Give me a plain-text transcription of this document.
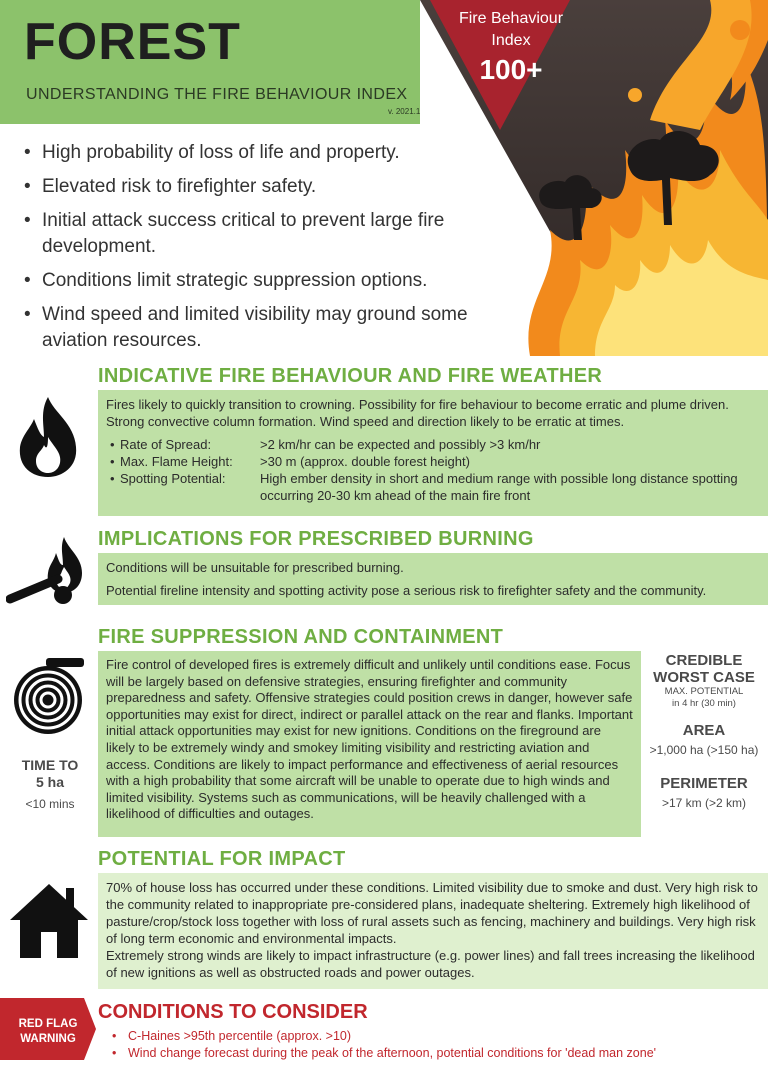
FOREST
UNDERSTANDING THE FIRE BEHAVIOUR INDEX
v. 2021.1
Fire Behaviour
Index
100+
• High probability of loss of life and property.
• Elevated risk to firefighter safety.
• Initial attack success critical to prevent large fire development.
• Conditions limit strategic suppression options.
• Wind speed and limited visibility may ground some aviation resources.
INDICATIVE FIRE BEHAVIOUR AND FIRE WEATHER
Fires likely to quickly transition to crowning. Possibility for fire behaviour to become erratic and plume driven. Strong convective column formation. Wind speed and direction likely to be erratic at times.
• Rate of Spread:	>2 km/hr can be expected and possibly >3 km/hr
• Max. Flame Height:	>30 m (approx. double forest height)
• Spotting Potential:	High ember density in short and medium range with possible long distance spotting occurring 20-30 km ahead of the main fire front
IMPLICATIONS FOR PRESCRIBED BURNING
Conditions will be unsuitable for prescribed burning.
Potential fireline intensity and spotting activity pose a serious risk to firefighter safety and the community.
TIME TO
5 ha
<10 mins
FIRE SUPPRESSION AND CONTAINMENT
Fire control of developed fires is extremely difficult and unlikely until conditions ease. Focus will be largely based on defensive strategies, ensuring firefighter and community preparedness and safety. Offensive strategies could position crews in danger, however safe opportunities may exist for direct, indirect or parallel attack on the rear and flanks. Important initial attack opportunities may exist for new ignitions. Conditions on the fireground are likely to be extremely windy and smokey limiting visibility and restricting aviation and access. Conditions are likely to impact performance and effectiveness of aerial resources with a high probability that some aircraft will be unable to operate due to high winds and limited visibility. Systems such as communications, will be heavily challenged with a likelihood of difficulties and outages.
CREDIBLE
WORST CASE
MAX. POTENTIAL
in 4 hr (30 min)
AREA
>1,000 ha (>150 ha)
PERIMETER
>17 km (>2 km)
POTENTIAL FOR IMPACT
70% of house loss has occurred under these conditions. Limited visibility due to smoke and dust. Very high risk to the community related to inappropriate pre-considered plans, inadequate sheltering. Extremely high likelihood of pasture/crop/stock loss together with loss of rural assets such as fencing, machinery and buildings. Very high risk of long term economic and environmental impacts.
Extremely strong winds are likely to impact infrastructure (e.g. power lines) and fall trees increasing the likelihood of new ignitions as well as obstructed roads and power outages.
RED FLAG
WARNING
CONDITIONS TO CONSIDER
• C-Haines >95th percentile (approx. >10)
• Wind change forecast during the peak of the afternoon, potential conditions for 'dead man zone'
